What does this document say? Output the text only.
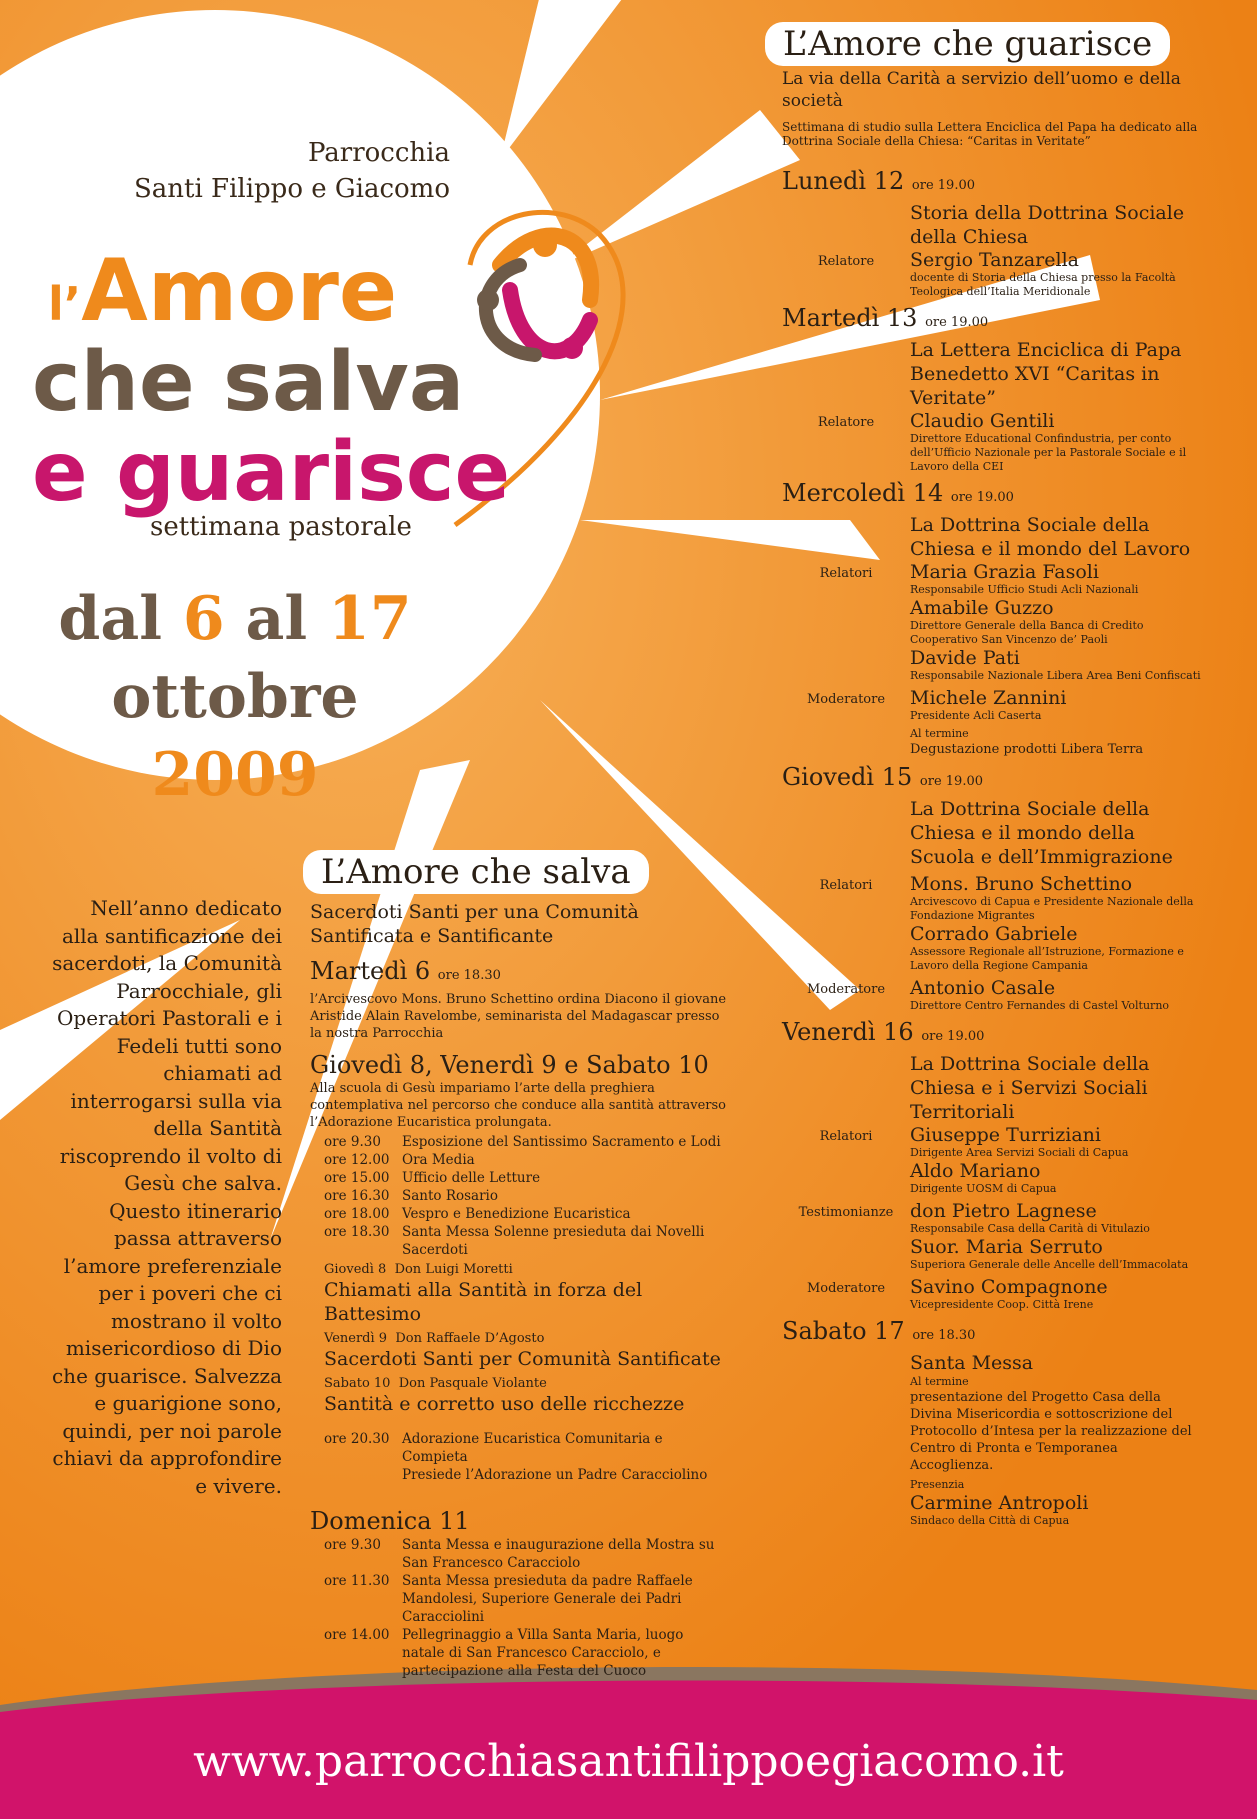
Parrocchia
Santi Filippo e Giacomo
l’Amore
che salva
e guarisce
settimana pastorale
dal 6 al 17
ottobre 2009
Nell’anno dedicato alla santificazione dei sacerdoti, la Comunità Parrocchiale, gli Operatori Pastorali e i Fedeli tutti sono chiamati ad interrogarsi sulla via della Santità riscoprendo il volto di Gesù che salva. Questo itinerario passa attraverso l’amore preferenziale per i poveri che ci mostrano il volto misericordioso di Dio che guarisce. Salvezza e guarigione sono, quindi, per noi parole chiavi da approfondire e vivere.
L’Amore che salva
Sacerdoti Santi per una Comunità Santificata e Santificante
Martedì 6 ore 18.30
l’Arcivescovo Mons. Bruno Schettino ordina Diacono il giovane Aristide Alain Ravelombe, seminarista del Madagascar presso la nostra Parrocchia
Giovedì 8, Venerdì 9 e Sabato 10
Alla scuola di Gesù impariamo l’arte della preghiera contemplativa nel percorso che conduce alla santità attraverso l’Adorazione Eucaristica prolungata.
ore 9.30	Esposizione del Santissimo Sacramento e Lodi
ore 12.00 Ora Media
ore 15.00 Ufficio delle Letture
ore 16.30 Santo Rosario
ore 18.00 Vespro e Benedizione Eucaristica
ore 18.30 Santa Messa Solenne presieduta dai Novelli Sacerdoti
Giovedì 8 Don Luigi Moretti
Chiamati alla Santità in forza del Battesimo
Venerdì 9 Don Raffaele D’Agosto
Sacerdoti Santi per Comunità Santificate
Sabato 10 Don Pasquale Violante
Santità e corretto uso delle ricchezze
ore 20.30 Adorazione Eucaristica Comunitaria e Compieta
Presiede l’Adorazione un Padre Caracciolino
Domenica 11
ore 9.30	Santa Messa e inaugurazione della Mostra su San Francesco Caracciolo
ore 11.30 Santa Messa presieduta da padre Raffaele Mandolesi, Superiore Generale dei Padri Caracciolini
ore 14.00 Pellegrinaggio a Villa Santa Maria, luogo natale di San Francesco Caracciolo, e partecipazione alla Festa del Cuoco
L’Amore che guarisce
La via della Carità a servizio dell’uomo e della società
Settimana di studio sulla Lettera Enciclica del Papa ha dedicato alla Dottrina Sociale della Chiesa: “Caritas in Veritate”
Lunedì 12 ore 19.00
Storia della Dottrina Sociale della Chiesa
Relatore	Sergio Tanzarella
docente di Storia della Chiesa presso la Facoltà Teologica dell’Italia Meridionale
Martedì 13 ore 19.00
La Lettera Enciclica di Papa Benedetto XVI “Caritas in Veritate”
Relatore	Claudio Gentili
Direttore Educational Confindustria, per conto dell’Ufficio Nazionale per la Pastorale Sociale e il Lavoro della CEI
Mercoledì 14 ore 19.00
La Dottrina Sociale della Chiesa e il mondo del Lavoro
Relatori	Maria Grazia Fasoli
Responsabile Ufficio Studi Acli Nazionali
Amabile Guzzo
Direttore Generale della Banca di Credito Cooperativo San Vincenzo de’ Paoli
Davide Pati
Responsabile Nazionale Libera Area Beni Confiscati
Moderatore	Michele Zannini
Presidente Acli Caserta
Al termine
Degustazione prodotti Libera Terra
Giovedì 15 ore 19.00
La Dottrina Sociale della Chiesa e il mondo della Scuola e dell’Immigrazione
Relatori	Mons. Bruno Schettino
Arcivescovo di Capua e Presidente Nazionale della Fondazione Migrantes
Corrado Gabriele
Assessore Regionale all’Istruzione, Formazione e Lavoro della Regione Campania
Moderatore	Antonio Casale
Direttore Centro Fernandes di Castel Volturno
Venerdì 16 ore 19.00
La Dottrina Sociale della Chiesa e i Servizi Sociali Territoriali
Relatori	Giuseppe Turriziani
Dirigente Area Servizi Sociali di Capua
Aldo Mariano
Dirigente UOSM di Capua
Testimonianze don Pietro Lagnese
Responsabile Casa della Carità di Vitulazio
Suor. Maria Serruto
Superiora Generale delle Ancelle dell’Immacolata
Moderatore	Savino Compagnone
Vicepresidente Coop. Città Irene
Sabato 17 ore 18.30
Santa Messa
Al termine
presentazione del Progetto Casa della Divina Misericordia e sottoscrizione del Protocollo d’Intesa per la realizzazione del Centro di Pronta e Temporanea Accoglienza.
Presenzia
Carmine Antropoli
Sindaco della Città di Capua
www.parrocchiasantifilippoegiacomo.it
